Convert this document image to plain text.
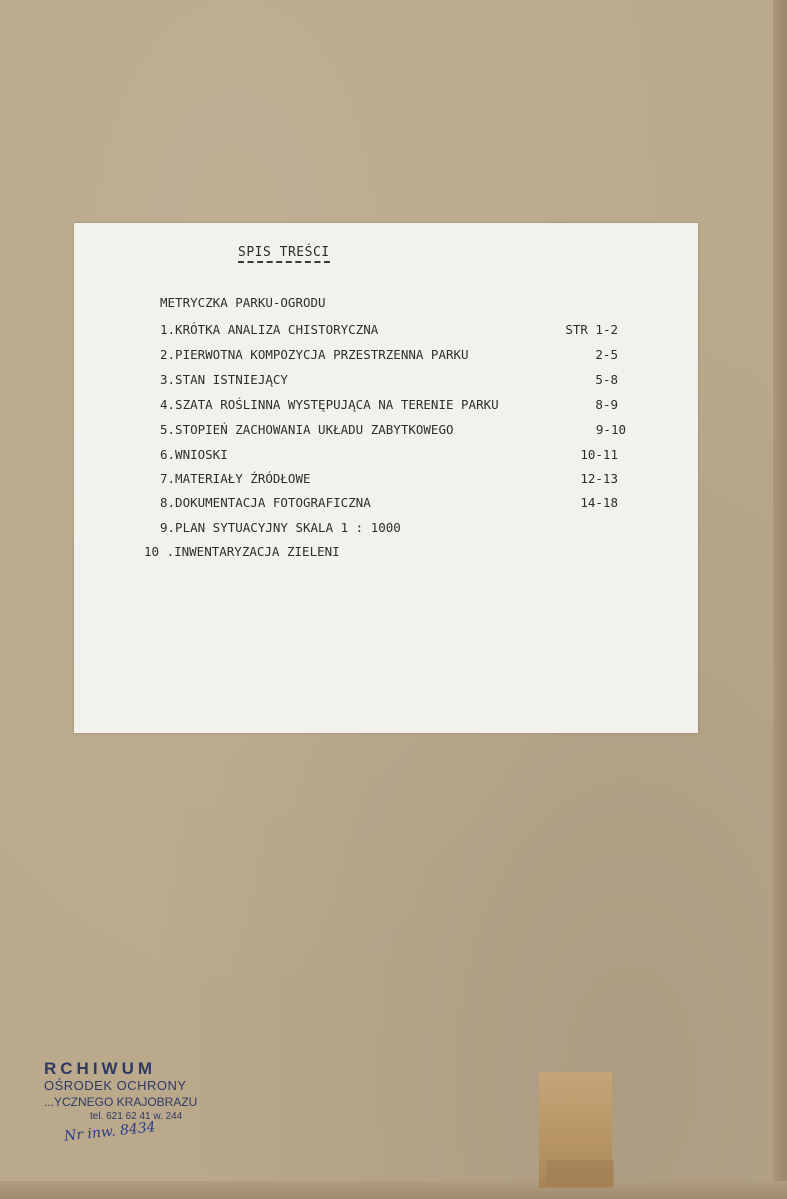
SPIS TREŚCI
METRYCZKA PARKU-OGRODU
1.KRÓTKA ANALIZA CHISTORYCZNA	STR 1-2
2.PIERWOTNA KOMPOZYCJA PRZESTRZENNA PARKU	2-5
3.STAN ISTNIEJĄCY	5-8
4.SZATA ROŚLINNA WYSTĘPUJĄCA NA TERENIE PARKU	8-9
5.STOPIEŃ ZACHOWANIA UKŁADU ZABYTKOWEGO	9-10
6.WNIOSKI	10-11
7.MATERIAŁY ŹRÓDŁOWE	12-13
8.DOKUMENTACJA FOTOGRAFICZNA	14-18
9.PLAN SYTUACYJNY SKALA 1 : 1000
10 .INWENTARYZACJA ZIELENI
RCHIWUM
OŚRODEK OCHRONY
...YCZNEGO KRAJOBRAZU
tel. 621 62 41 w. 244
Nr inw. 8434
